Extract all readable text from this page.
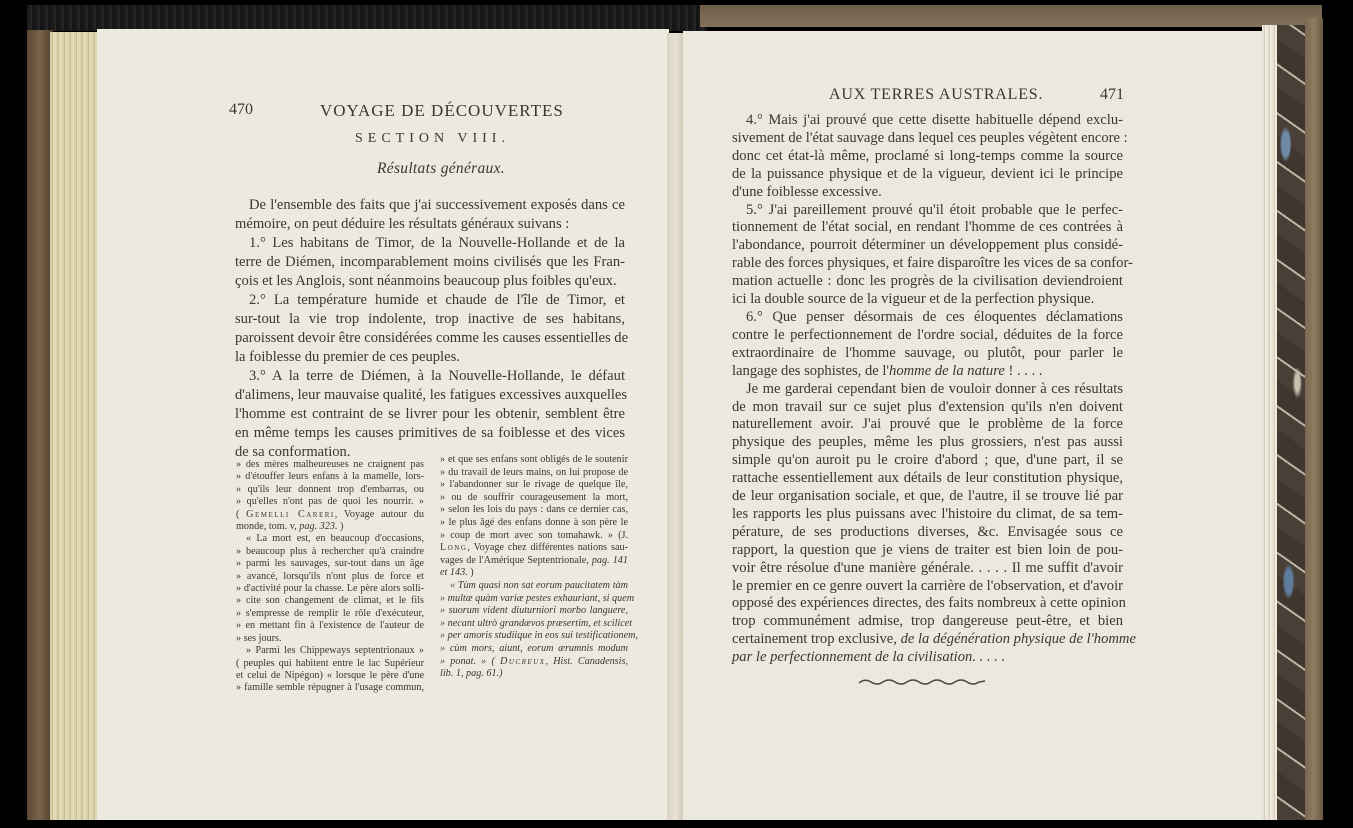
470	VOYAGE DE DÉCOUVERTES
SECTION VIII.
Résultats généraux.
De l'ensemble des faits que j'ai successivement exposés dans ce
mémoire, on peut déduire les résultats généraux suivans :
1.° Les habitans de Timor, de la Nouvelle-Hollande et de la
terre de Diémen, incomparablement moins civilisés que les Fran-
çois et les Anglois, sont néanmoins beaucoup plus foibles qu'eux.
2.° La température humide et chaude de l'île de Timor, et
sur-tout la vie trop indolente, trop inactive de ses habitans,
paroissent devoir être considérées comme les causes essentielles de
la foiblesse du premier de ces peuples.
3.° A la terre de Diémen, à la Nouvelle-Hollande, le défaut
d'alimens, leur mauvaise qualité, les fatigues excessives auxquelles
l'homme est contraint de se livrer pour les obtenir, semblent être
en même temps les causes primitives de sa foiblesse et des vices
de sa conformation.
» des mères malheureuses ne craignent pas
» d'étouffer leurs enfans à la mamelle, lors-
» qu'ils leur donnent trop d'embarras, ou
» qu'elles n'ont pas de quoi les nourrir. »
( Gemelli Careri, Voyage autour du
monde, tom. v, pag. 323. )
« La mort est, en beaucoup d'occasions,
» beaucoup plus à rechercher qu'à craindre
» parmi les sauvages, sur-tout dans un âge
» avancé, lorsqu'ils n'ont plus de force et
» d'activité pour la chasse. Le père alors solli-
» cite son changement de climat, et le fils
» s'empresse de remplir le rôle d'exécuteur,
» en mettant fin à l'existence de l'auteur de
» ses jours.
» Parmi les Chippeways septentrionaux »
( peuples qui habitent entre le lac Supérieur
et celui de Nipégon) « lorsque le père d'une
» famille semble répugner à l'usage commun,
» et que ses enfans sont obligés de le soutenir
» du travail de leurs mains, on lui propose de
» l'abandonner sur le rivage de quelque île,
» ou de souffrir courageusement la mort,
» selon les lois du pays : dans ce dernier cas,
» le plus âgé des enfans donne à son père le
» coup de mort avec son tomahawk. » (J.
Long, Voyage chez différentes nations sau-
vages de l'Amérique Septentrionale, pag. 141
et 143. )
« Tùm quasi non sat eorum paucitatem tàm
» multæ quàm variæ pestes exhauriant, si quem
» suorum vident diuturniori morbo languere,
» necant ultrò grandævos præsertim, et scilicet
» per amoris studiique in eos sui testificationem,
» cùm mors, aiunt, eorum ærumnis modum
» ponat. » ( Ducreux, Hist. Canadensis,
lib. 1, pag. 61.)
AUX TERRES AUSTRALES.	471
4.° Mais j'ai prouvé que cette disette habituelle dépend exclu-
sivement de l'état sauvage dans lequel ces peuples végètent encore :
donc cet état-là même, proclamé si long-temps comme la source
de la puissance physique et de la vigueur, devient ici le principe
d'une foiblesse excessive.
5.° J'ai pareillement prouvé qu'il étoit probable que le perfec-
tionnement de l'état social, en rendant l'homme de ces contrées à
l'abondance, pourroit déterminer un développement plus considé-
rable des forces physiques, et faire disparoître les vices de sa confor-
mation actuelle : donc les progrès de la civilisation deviendroient
ici la double source de la vigueur et de la perfection physique.
6.° Que penser désormais de ces éloquentes déclamations
contre le perfectionnement de l'ordre social, déduites de la force
extraordinaire de l'homme sauvage, ou plutôt, pour parler le
langage des sophistes, de l'homme de la nature ! . . . .
Je me garderai cependant bien de vouloir donner à ces résultats
de mon travail sur ce sujet plus d'extension qu'ils n'en doivent
naturellement avoir. J'ai prouvé que le problème de la force
physique des peuples, même les plus grossiers, n'est pas aussi
simple qu'on auroit pu le croire d'abord ; que, d'une part, il se
rattache essentiellement aux détails de leur constitution physique,
de leur organisation sociale, et que, de l'autre, il se trouve lié par
les rapports les plus puissans avec l'histoire du climat, de sa tem-
pérature, de ses productions diverses, &c. Envisagée sous ce
rapport, la question que je viens de traiter est bien loin de pou-
voir être résolue d'une manière générale. . . . . Il me suffit d'avoir
le premier en ce genre ouvert la carrière de l'observation, et d'avoir
opposé des expériences directes, des faits nombreux à cette opinion
trop communément admise, trop dangereuse peut-être, et bien
certainement trop exclusive, de la dégénération physique de l'homme
par le perfectionnement de la civilisation. . . . .
